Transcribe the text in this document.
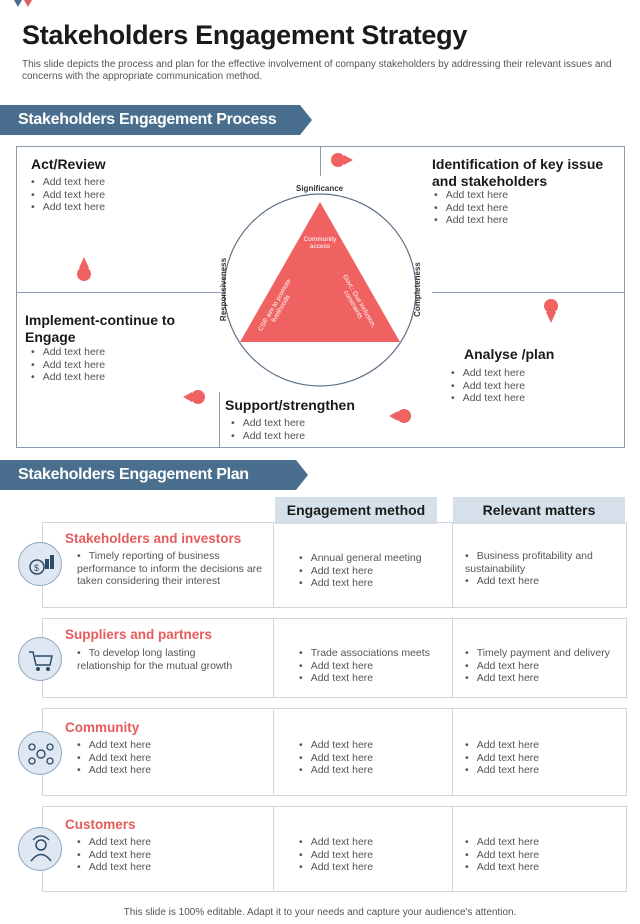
Stakeholders Engagement Strategy
This slide depicts the process and plan for the effective involvement of company stakeholders by addressing their relevant issues and concerns with the appropriate communication method.
Stakeholders Engagement Process
Community access
Govt.: Due inclusion, constraints
CSR aim to promote livelihoods
Significance
Completeness
Responsiveness
Act/Review
• Add text here
• Add text here
• Add text here
Identification of key issue and stakeholders
• Add text here
• Add text here
• Add text here
Implement-continue to Engage
• Add text here
• Add text here
• Add text here
Analyse /plan
• Add text here
• Add text here
• Add text here
Support/strengthen
• Add text here
• Add text here
Stakeholders Engagement Plan
Engagement method	Relevant matters
$
Stakeholders and investors
• Timely reporting of business performance to inform the decisions are taken considering their interest
• Annual general meeting
• Add text here
• Add text here
• Business profitability and sustainability
• Add text here
Suppliers and partners
• To develop long lasting relationship for the mutual growth
• Trade associations meets
• Add text here
• Add text here
• Timely payment and delivery
• Add text here
• Add text here
Community
• Add text here
• Add text here
• Add text here
• Add text here
• Add text here
• Add text here
• Add text here
• Add text here
• Add text here
Customers
• Add text here
• Add text here
• Add text here
• Add text here
• Add text here
• Add text here
• Add text here
• Add text here
• Add text here
This slide is 100% editable. Adapt it to your needs and capture your audience's attention.
